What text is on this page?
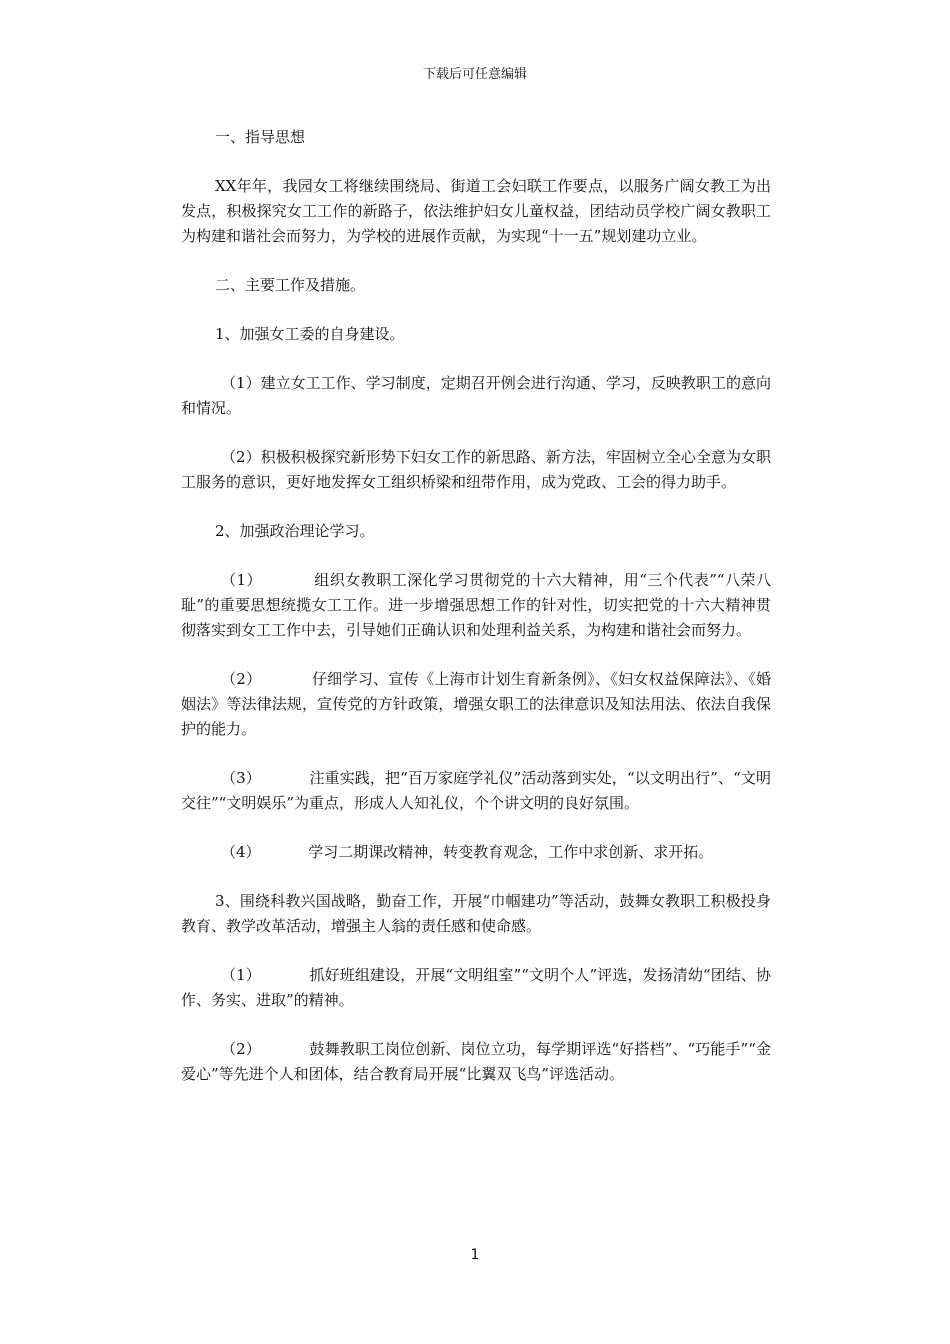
下载后可任意编辑

一、指导思想

XX年年，我园女工将继续围绕局、街道工会妇联工作要点，以服务广阔女教工为出发点，积极探究女工工作的新路子，依法维护妇女儿童权益，团结动员学校广阔女教职工为构建和谐社会而努力，为学校的进展作贡献，为实现“十一五”规划建功立业。

二、主要工作及措施。

1、加强女工委的自身建设。

（1）建立女工工作、学习制度，定期召开例会进行沟通、学习，反映教职工的意向和情况。

（2）积极积极探究新形势下妇女工作的新思路、新方法，牢固树立全心全意为女职工服务的意识，更好地发挥女工组织桥梁和纽带作用，成为党政、工会的得力助手。

2、加强政治理论学习。

（1）          组织女教职工深化学习贯彻党的十六大精神，用“三个代表”“八荣八耻”的重要思想统揽女工工作。进一步增强思想工作的针对性，切实把党的十六大精神贯彻落实到女工工作中去，引导她们正确认识和处理利益关系，为构建和谐社会而努力。

（2）          仔细学习、宣传《上海市计划生育新条例》、《妇女权益保障法》、《婚姻法》等法律法规，宣传党的方针政策，增强女职工的法律意识及知法用法、依法自我保护的能力。

（3）          注重实践，把“百万家庭学礼仪”活动落到实处，“以文明出行”、“文明交往”“文明娱乐”为重点，形成人人知礼仪，个个讲文明的良好氛围。

（4）          学习二期课改精神，转变教育观念，工作中求创新、求开拓。

3、围绕科教兴国战略，勤奋工作，开展“巾帼建功”等活动，鼓舞女教职工积极投身教育、教学改革活动，增强主人翁的责任感和使命感。

（1）          抓好班组建设，开展“文明组室”“文明个人”评选，发扬清幼“团结、协作、务实、进取”的精神。

（2）          鼓舞教职工岗位创新、岗位立功，每学期评选“好搭档”、“巧能手”“金爱心”等先进个人和团体，结合教育局开展“比翼双飞鸟”评选活动。

1
